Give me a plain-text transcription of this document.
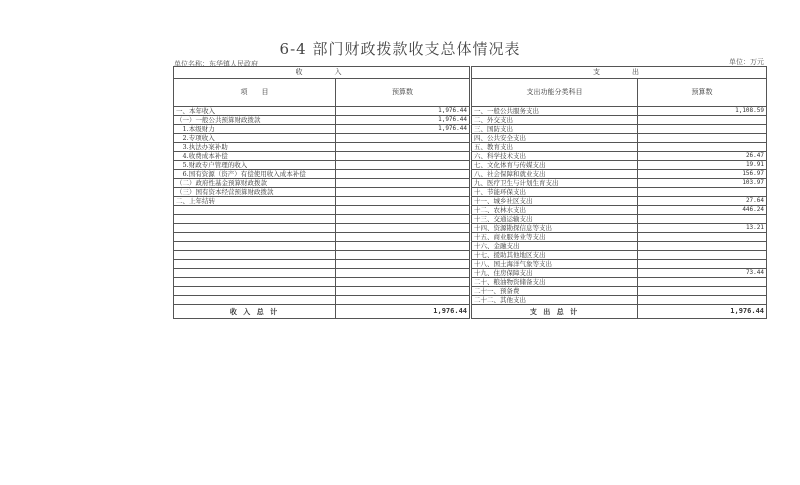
6-4 部门财政拨款收支总体情况表
单位名称：东华镇人民政府	单位：万元
收　　入			支　　出	
项　　目	预算数		支出功能分类科目	预算数
一、本年收入	1,976.44		一、一般公共服务支出	1,108.59
（一）一般公共预算财政拨款	1,976.44		二、外交支出	
　1.本级财力	1,976.44		三、国防支出	
　2.专项收入			四、公共安全支出	
　3.执法办案补助			五、教育支出	
　4.收费成本补偿			六、科学技术支出	26.47
　5.财政专户管理的收入			七、文化体育与传媒支出	19.91
　6.国有资源（资产）有偿使用收入成本补偿			八、社会保障和就业支出	156.97
（二）政府性基金预算财政拨款			九、医疗卫生与计划生育支出	103.97
（三）国有资本经营预算财政拨款			十、节能环保支出	
二、上年结转			十一、城乡社区支出	27.64
			十二、农林水支出	446.24
			十三、交通运输支出	
			十四、资源勘探信息等支出	13.21
			十五、商业服务业等支出	
			十六、金融支出	
			十七、援助其他地区支出	
			十八、国土海洋气象等支出	
			十九、住房保障支出	73.44
			二十、粮油物资储备支出	
			二十一、预备费	
			二十二、其他支出	
收 入 总 计	1,976.44		支 出 总 计	1,976.44
